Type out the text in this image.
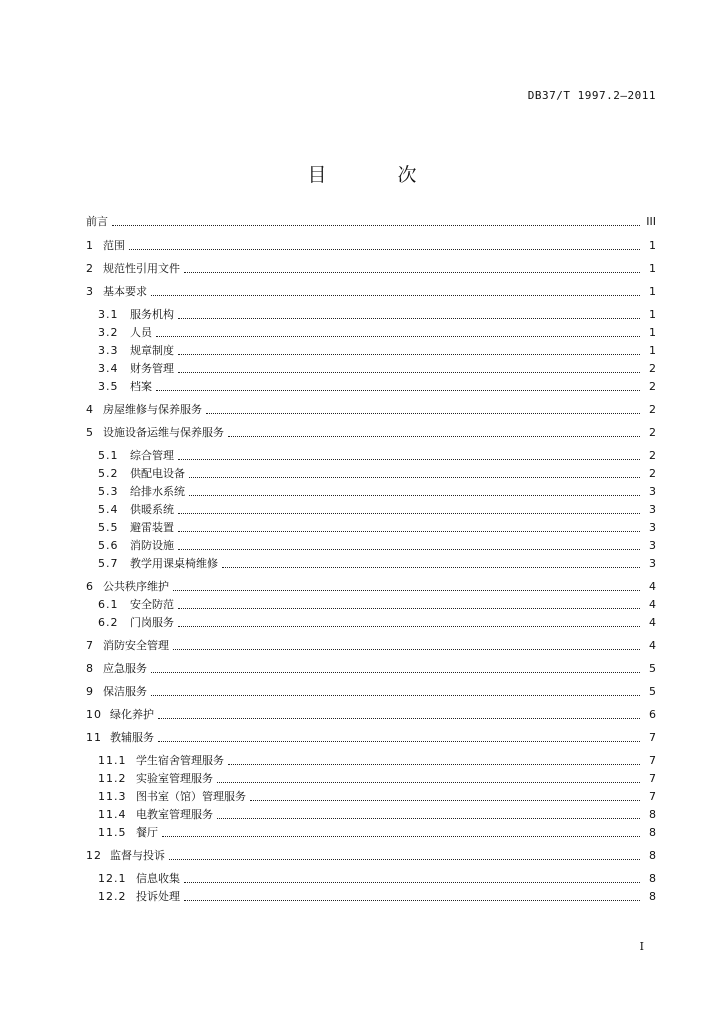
DB37/T 1997.2—2011
目　次
前言	III
1 范围	1
2 规范性引用文件	1
3 基本要求	1
3.1	服务机构	1
3.2	人员	1
3.3	规章制度	1
3.4	财务管理	2
3.5	档案	2
4 房屋维修与保养服务	2
5 设施设备运维与保养服务	2
5.1	综合管理	2
5.2	供配电设备	2
5.3	给排水系统	3
5.4	供暖系统	3
5.5	避雷装置	3
5.6	消防设施	3
5.7	教学用课桌椅维修	3
6 公共秩序维护	4
6.1	安全防范	4
6.2	门岗服务	4
7 消防安全管理	4
8 应急服务	5
9 保洁服务	5
10 绿化养护	6
11 教辅服务	7
11.1 学生宿舍管理服务	7
11.2 实验室管理服务	7
11.3 图书室（馆）管理服务	7
11.4 电教室管理服务	8
11.5 餐厅	8
12 监督与投诉	8
12.1 信息收集	8
12.2 投诉处理	8
I
